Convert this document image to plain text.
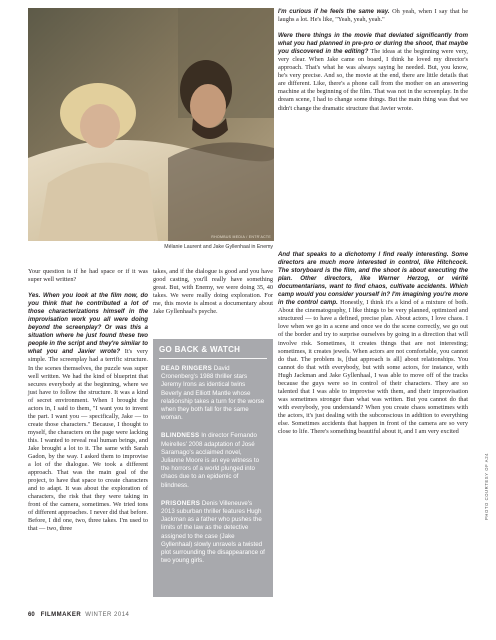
RHOMBUS MEDIA / ENTR'ACTE
Mélanie Laurent and Jake Gyllenhaal in Enemy

I'm curious if he feels the same way. Oh yeah, when I say that he laughs a lot. He's like, "Yeah, yeah, yeah."

Were there things in the movie that deviated significantly from what you had planned in pre-pro or during the shoot, that maybe you discovered in the editing? The ideas at the beginning were very, very clear. When Jake came on board, I think he loved my director's approach. That's what he was always saying he needed. But, you know, he's very precise. And so, the movie at the end, there are little details that are different. Like, there's a phone call from the mother on an answering machine at the beginning of the film. That was not in the screenplay. In the dream scene, I had to change some things. But the main thing was that we didn't change the dramatic structure that Javier wrote.

Your question is if he had space or if it was super well written?

Yes. When you look at the film now, do you think that he contributed a lot of those characterizations himself in the improvisation work you all were doing beyond the screenplay? Or was this a situation where he just found these two people in the script and they're similar to what you and Javier wrote? It's very simple. The screenplay had a terrific structure. In the scenes themselves, the puzzle was super well written. We had the kind of blueprint that secures everybody at the beginning, where we just have to follow the structure. It was a kind of secret environment. When I brought the actors in, I said to them, "I want you to invent the part. I want you — specifically, Jake — to create those characters." Because, I thought to myself, the characters on the page were lacking this. I wanted to reveal real human beings, and Jake brought a lot to it. The same with Sarah Gadon, by the way. I asked them to improvise a lot of the dialogue. We took a different approach. That was the main goal of the project, to have that space to create characters and to adapt. It was about the exploration of characters, the risk that they were taking in front of the camera, sometimes. We tried tons of different approaches. I never did that before. Before, I did one, two, three takes. I'm used to that — two, three

takes, and if the dialogue is good and you have good casting, you'll really have something great. But, with Enemy, we were doing 35, 40 takes. We were really doing exploration. For me, this movie is almost a documentary about Jake Gyllenhaal's psyche.

GO BACK & WATCH
DEAD RINGERS David Cronenberg's 1988 thriller stars Jeremy Irons as identical twins Beverly and Elliott Mantle whose relationship takes a turn for the worse when they both fall for the same woman.
BLINDNESS In director Fernando Meirelles' 2008 adaptation of José Saramago's acclaimed novel, Julianne Moore is an eye witness to the horrors of a world plunged into chaos due to an epidemic of blindness.
PRISONERS Denis Villeneuve's 2013 suburban thriller features Hugh Jackman as a father who pushes the limits of the law as the detective assigned to the case (Jake Gyllenhaal) slowly unravels a twisted plot surrounding the disappearance of two young girls.

And that speaks to a dichotomy I find really interesting. Some directors are much more interested in control, like Hitchcock. The storyboard is the film, and the shoot is about executing the plan. Other directors, like Werner Herzog, or vérité documentarians, want to find chaos, cultivate accidents. Which camp would you consider yourself in? I'm imagining you're more in the control camp. Honestly, I think it's a kind of a mixture of both. About the cinematography, I like things to be very planned, optimized and structured — to have a defined, precise plan. About actors, I love chaos. I love when we go in a scene and once we do the scene correctly, we go out of the border and try to surprise ourselves by going in a direction that will involve risk. Sometimes, it creates things that are not interesting; sometimes, it creates jewels. When actors are not comfortable, you cannot do that. The problem is, [that approach is all] about relationships. You cannot do that with everybody, but with some actors, for instance, with Hugh Jackman and Jake Gyllenhaal, I was able to move off of the tracks because the guys were so in control of their characters. They are so talented that I was able to improvise with them, and their improvisation was sometimes stronger than what was written. But you cannot do that with everybody, you understand? When you create chaos sometimes with the actors, it's just dealing with the subconscious in addition to everything else. Sometimes accidents that happen in front of the camera are so very close to life. There's something beautiful about it, and I am very excited

60 FILMMAKER WINTER 2014
PHOTO COURTESY OF A24
